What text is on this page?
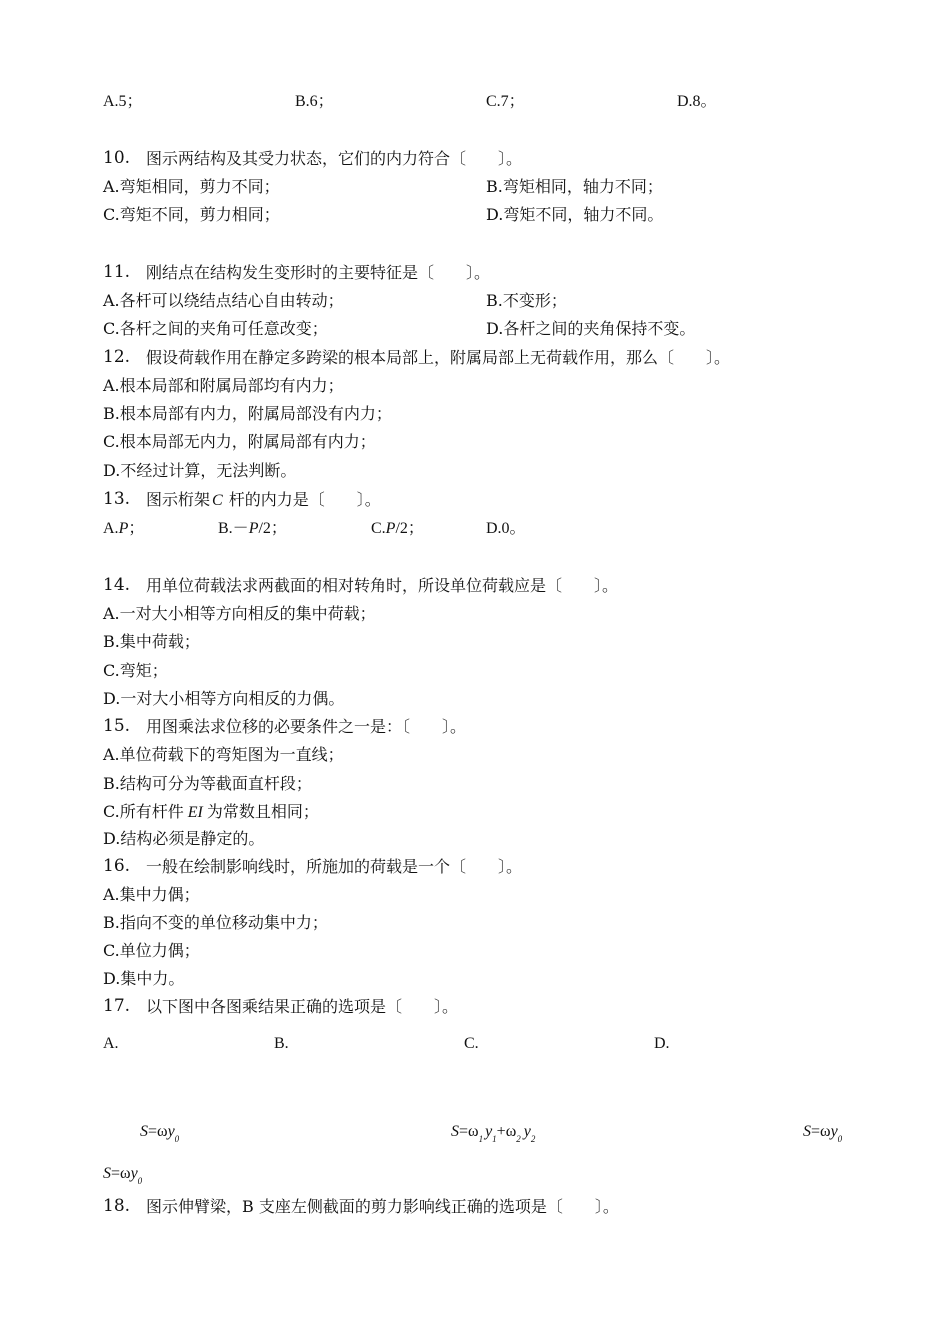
A.5；	B.6；	C.7；	D.8。
10. 图示两结构及其受力状态，它们的内力符合〔　　〕。
A.弯矩相同，剪力不同；	B.弯矩相同，轴力不同；
C.弯矩不同，剪力相同；	D.弯矩不同，轴力不同。
11. 刚结点在结构发生变形时的主要特征是〔　　〕。
A.各杆可以绕结点结心自由转动；	B.不变形；
C.各杆之间的夹角可任意改变；	D.各杆之间的夹角保持不变。
12. 假设荷载作用在静定多跨梁的根本局部上，附属局部上无荷载作用，那么〔　　〕。
A.根本局部和附属局部均有内力；
B.根本局部有内力，附属局部没有内力；
C.根本局部无内力，附属局部有内力；
D.不经过计算，无法判断。
13. 图示桁架 C 杆的内力是〔　　〕。
A.P；	B.－P/2；	C.P/2；	D.0。
14. 用单位荷载法求两截面的相对转角时，所设单位荷载应是〔　　〕。
A.一对大小相等方向相反的集中荷载；
B.集中荷载；
C.弯矩；
D.一对大小相等方向相反的力偶。
15. 用图乘法求位移的必要条件之一是：〔　　〕。
A.单位荷载下的弯矩图为一直线；
B.结构可分为等截面直杆段；
C.所有杆件 EI 为常数且相同；
D.结构必须是静定的。
16. 一般在绘制影响线时，所施加的荷载是一个〔　　〕。
A.集中力偶；
B.指向不变的单位移动集中力；
C.单位力偶；
D.集中力。
17. 以下图中各图乘结果正确的选项是〔　　〕。
A.	B.	C.	D.
$S=\omega y_0$	$S=\omega_1$ $y_1+\omega_2$ $y_2$	$S=\omega y_0$
$S=\omega y_0$
18. 图示伸臂梁，B 支座左侧截面的剪力影响线正确的选项是〔　　〕。
